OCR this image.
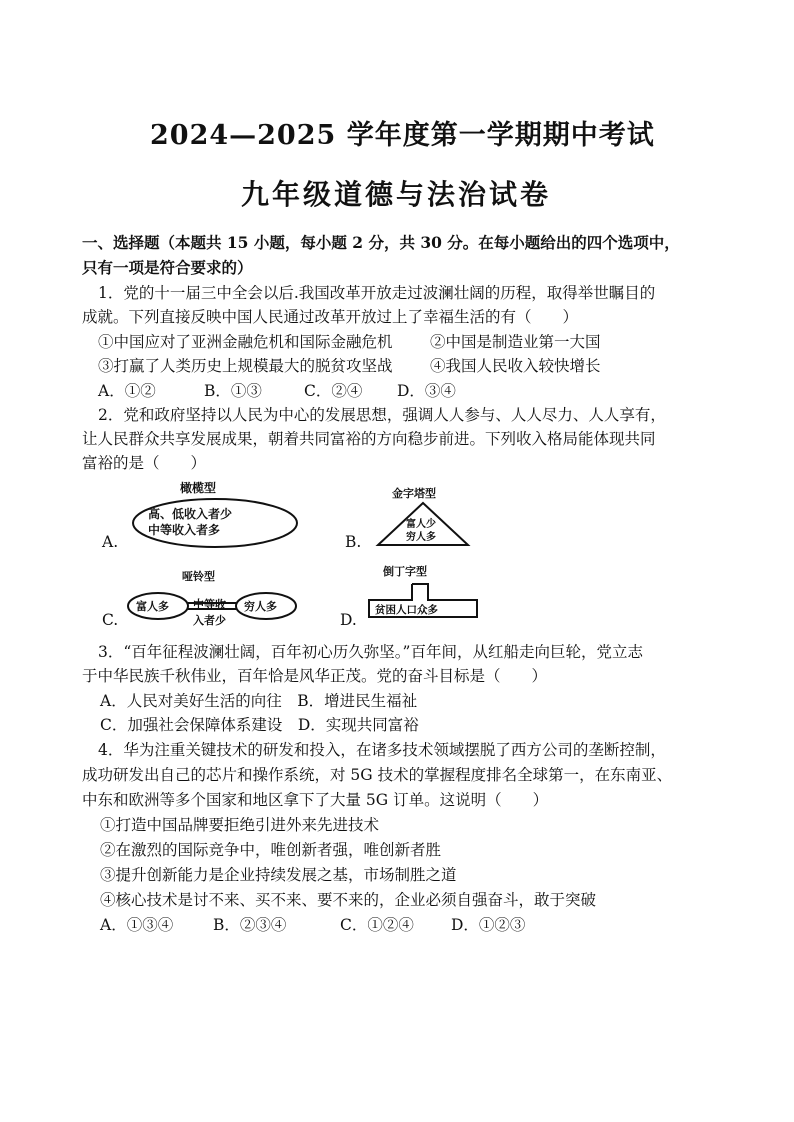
2024—2025 学年度第一学期期中考试
九年级道德与法治试卷
一、选择题（本题共 15 小题，每小题 2 分，共 30 分。在每小题给出的四个选项中，
只有一项是符合要求的）
1．党的十一届三中全会以后.我国改革开放走过波澜壮阔的历程，取得举世瞩目的
成就。下列直接反映中国人民通过改革开放过上了幸福生活的有（　　）
①中国应对了亚洲金融危机和国际金融危机 ②中国是制造业第一大国
③打赢了人类历史上规模最大的脱贫攻坚战 ④我国人民收入较快增长
A．①②	B．①③	C．②④ D．③④
2．党和政府坚持以人民为中心的发展思想，强调人人参与、人人尽力、人人享有，
让人民群众共享发展成果，朝着共同富裕的方向稳步前进。下列收入格局能体现共同
富裕的是（　　）
A.
橄榄型
高、低收入者少
中等收入者多
B.
金字塔型
富人少
穷人多
C.
哑铃型
富人多 中等收 穷人多
入者少	D.
倒丁字型
贫困人口众多
3．“百年征程波澜壮阔，百年初心历久弥坚。”百年间，从红船走向巨轮，党立志
于中华民族千秋伟业，百年恰是风华正茂。党的奋斗目标是（　　）
A．人民对美好生活的向往　B．增进民生福祉
C．加强社会保障体系建设　D．实现共同富裕
4．华为注重关键技术的研发和投入，在诸多技术领域摆脱了西方公司的垄断控制，
成功研发出自己的芯片和操作系统，对 5G 技术的掌握程度排名全球第一，在东南亚、
中东和欧洲等多个国家和地区拿下了大量 5G 订单。这说明（　　）
①打造中国品牌要拒绝引进外来先进技术
②在激烈的国际竞争中，唯创新者强，唯创新者胜
③提升创新能力是企业持续发展之基，市场制胜之道
④核心技术是讨不来、买不来、要不来的，企业必须自强奋斗，敢于突破
A．①③④	B．②③④	C．①②④ D．①②③
